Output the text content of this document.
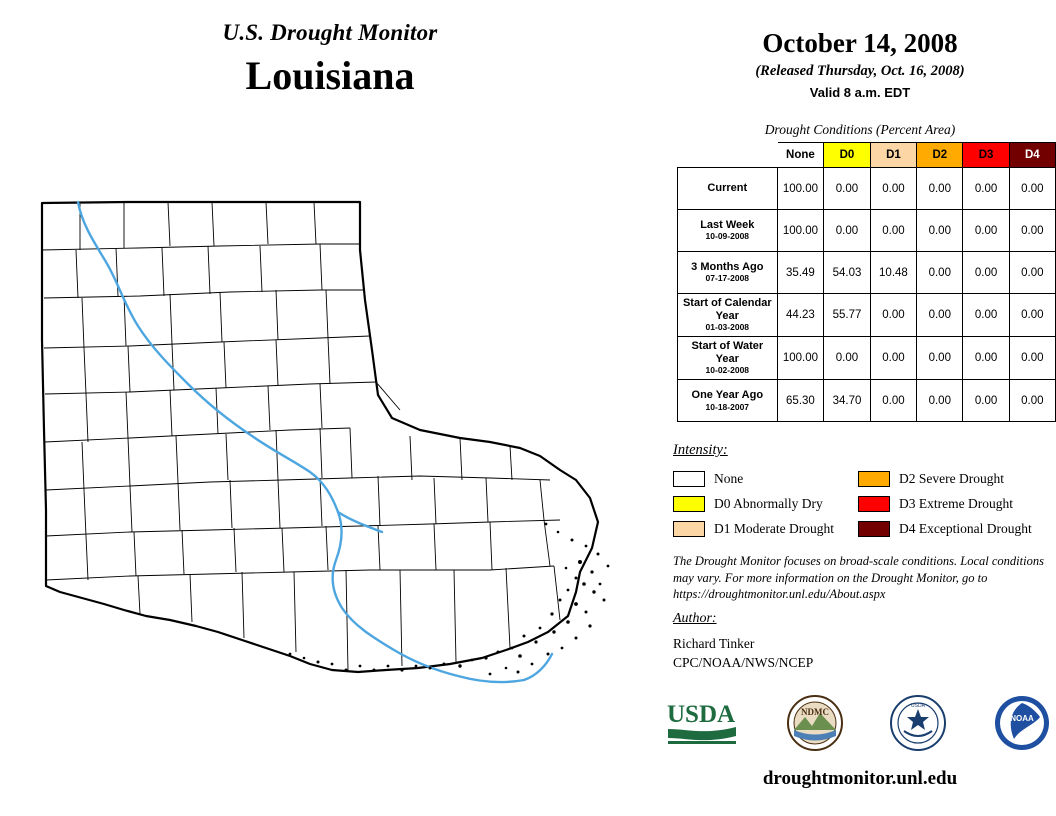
U.S. Drought Monitor
Louisiana
October 14, 2008
(Released Thursday, Oct. 16, 2008)
Valid 8 a.m. EDT
Drought Conditions (Percent Area)
	None	D0	D1	D2	D3	D4
Current	100.00	0.00	0.00	0.00	0.00	0.00
Last Week
10-09-2008	100.00	0.00	0.00	0.00	0.00	0.00
3 Months Ago
07-17-2008	35.49	54.03	10.48	0.00	0.00	0.00
Start of Calendar Year
01-03-2008	44.23	55.77	0.00	0.00	0.00	0.00
Start of Water Year
10-02-2008	100.00	0.00	0.00	0.00	0.00	0.00
One Year Ago
10-18-2007	65.30	34.70	0.00	0.00	0.00	0.00
Intensity:
None	D2 Severe Drought
D0 Abnormally Dry	D3 Extreme Drought
D1 Moderate Drought	D4 Exceptional Drought
The Drought Monitor focuses on broad-scale conditions. Local conditions may vary. For more information on the Drought Monitor, go to https://droughtmonitor.unl.edu/About.aspx
Author:
Richard Tinker
CPC/NOAA/NWS/NCEP
USDA	NDMC
USDA
NOAA
droughtmonitor.unl.edu
